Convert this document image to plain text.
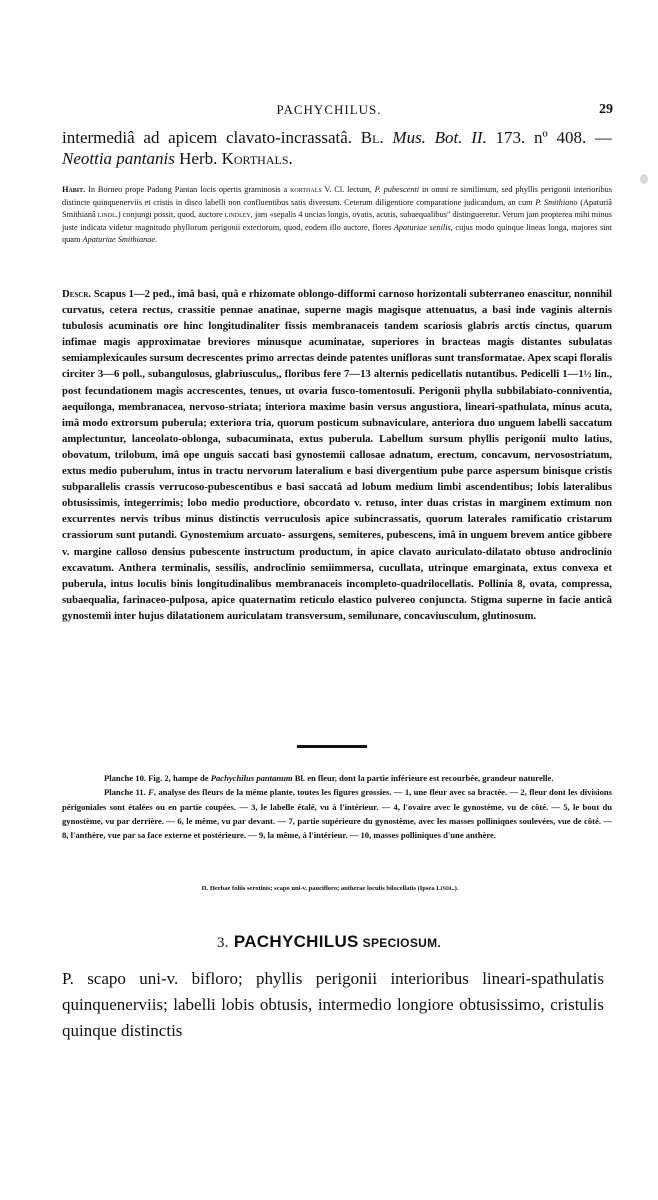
PACHYCHILUS.	29
intermediâ ad apicem clavato-incrassatâ. Bl. Mus. Bot. II. 173. nº 408. — Neottia pantanis Herb. Korthals.
Habit. In Borneo prope Padong Pantan locis opertis graminosis a korthals V. Cl. lectum, P. pubescenti in omni re similimum, sed phyllis perigonii interioribus distincte quinquenerviis et cristis in disco labelli non confluentibus satis diversum. Ceterum diligentiore comparatione judicandum, an cum P. Smithiano (Apaturiâ Smithianâ lindl.) conjungi possit, quod, auctore lindley, jam «sepalis 4 uncias longis, ovatis, acutis, subaequalibus" distingueretur. Verum jam propterea mihi minus juste indicata videtur magnitudo phyllorum perigonii exteriorum, quod, eodem illo auctore, flores Apaturiae senilis, cujus modo quinque lineas longa, majores sint quam Apaturiae Smithianae.
Descr. Scapus 1—2 ped., imâ basi, quâ e rhizomate oblongo-difformi carnoso horizontali subterraneo enascitur, nonnihil curvatus, cetera rectus, crassitie pennae anatinae, superne magis magisque attenuatus, a basi inde vaginis alternis tubulosis acuminatis ore hinc longitudinaliter fissis membranaceis tandem scariosis glabris arctis cinctus, quarum infimae magis approximatae breviores minusque acuminatae, superiores in bracteas magis distantes subulatas semiamplexicaules sursum decrescentes primo arrectas deinde patentes unifloras sunt transformatae. Apex scapi floralis circiter 3—6 poll., subangulosus, glabriusculus,, floribus fere 7—13 alternis pedicellatis nutantibus. Pedicelli 1—1½ lin., post fecundationem magis accrescentes, tenues, ut ovaria fusco-tomentosuli. Perigonii phylla subbilabiato-conniventia, aequilonga, membranacea, nervoso-striata; interiora maxime basin versus angustiora, lineari-spathulata, minus acuta, imâ modo extrorsum puberula; exteriora tria, quorum posticum subnaviculare, anteriora duo unguem labelli saccatum amplectuntur, lanceolato-oblonga, subacuminata, extus puberula. Labellum sursum phyllis perigonii multo latius, obovatum, trilobum, imâ ope unguis saccati basi gynostemii callosae adnatum, erectum, concavum, nervosostriatum, extus medio puberulum, intus in tractu nervorum lateralium e basi divergentium pube parce aspersum binisque cristis subparallelis crassis verrucoso-pubescentibus e basi saccatâ ad lobum medium limbi ascendentibus; lobis lateralibus obtusissimis, integerrimis; lobo medio productiore, obcordato v. retuso, inter duas cristas in marginem extimum non excurrentes nervis tribus minus distinctis verruculosis apice subincrassatis, quorum laterales ramificatio cristarum crassiorum sunt putandi. Gynostemium arcuato- assurgens, semiteres, pubescens, imâ in unguem brevem antice gibbere v. margine calloso densius pubescente instructum productum, in apice clavato auriculato-dilatato obtuso androclinio excavatum. Anthera terminalis, sessilis, androclinio semiimmersa, cucullata, utrinque emarginata, extus convexa et puberula, intus loculis binis longitudinalibus membranaceis incompleto-quadrilocellatis. Pollinia 8, ovata, compressa, subaequalia, farinaceo-pulposa, apice quaternatim reticulo elastico pulvereo conjuncta. Stigma superne in facie anticâ gynostemii inter hujus dilatationem auriculatam transversum, semilunare, concaviusculum, glutinosum.

Planche 10. Fig. 2, hampe de Pachychilus pantanum Bl. en fleur, dont la partie inférieure est recourbée, grandeur naturelle.

Planche 11. F, analyse des fleurs de la même plante, toutes les figures grossies. — 1, une fleur avec sa bractée. — 2, fleur dont les divisions périgoniales sont étalées ou en partie coupées. — 3, le labelle étalé, vu à l'intérieur. — 4, l'ovaire avec le gynostème, vu de côté. — 5, le bout du gynostème, vu par derrière. — 6, le même, vu par devant. — 7, partie supérieure du gynostème, avec les masses polliniques soulevées, vue de côté. — 8, l'anthère, vue par sa face externe et postérieure. — 9, la même, à l'intérieur. — 10, masses polliniques d'une anthère.

II. Herbae foliis serotinis; scapo uni-v. paucifloro; antherae loculis bilocellatis (Ipsea Lindl.).
3. PACHYCHILUS SPECIOSUM.
P. scapo uni-v. bifloro; phyllis perigonii interioribus lineari-spathulatis quinquenerviis; labelli lobis obtusis, intermedio longiore obtusissimo, cristulis quinque distinctis
